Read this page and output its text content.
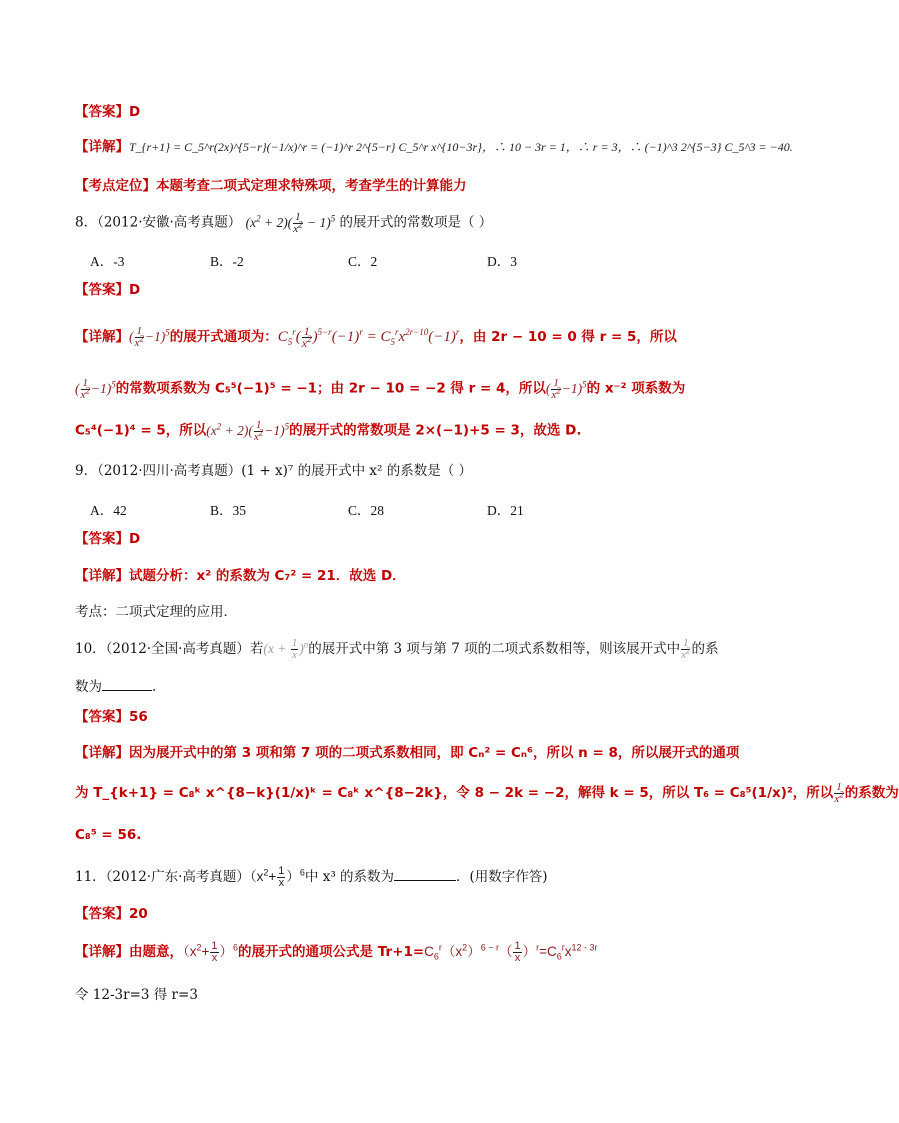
【答案】D
【详解】T_{r+1} = C_5^r(2x)^{5−r}(−1/x)^r = (−1)^r 2^{5−r} C_5^r x^{10−3r}，∴ 10 − 3r = 1，∴ r = 3，∴ (−1)^3 2^{5−3} C_5^3 = −40.
【考点定位】本题考查二项式定理求特殊项，考查学生的计算能力
8．（2012·安徽·高考真题） $(x^2 + 2)( \frac{1}{x^2} - 1)^5$ 的展开式的常数项是（ ）
A．-3	B．-2	C．2	D．3
【答案】D
【详解】( $\frac{1}{x^2} -1)^5$的展开式通项为：$C_5^r( \frac{1}{x^2} )^{5-r}(-1)^r = C_5^rx^{2r-10}(-1)^r$，由 2r − 10 = 0 得 r = 5，所以
( $\frac{1}{x^2} -1)^5$的常数项系数为 C₅⁵(−1)⁵ = −1；由 2r − 10 = −2 得 r = 4，所以( $\frac{1}{x^2} -1)^5$的 x⁻² 项系数为
C₅⁴(−1)⁴ = 5，所以$(x^2 + 2)( \frac{1}{x^2} -1)^5$的展开式的常数项是 2×(−1)+5 = 3，故选 D.
9．（2012·四川·高考真题）(1 + x)⁷ 的展开式中 x² 的系数是（ ）
A．42	B．35	C．28	D．21
【答案】D
【详解】试题分析：x² 的系数为 C₇² = 21．故选 D．
考点：二项式定理的应用．
10．（2012·全国·高考真题）若$(x + \frac{1}{x} )^n$的展开式中第 3 项与第 7 项的二项式系数相等，则该展开式中 $\frac{1}{x^2}$ 的系
数为	.
【答案】56
【详解】因为展开式中的第 3 项和第 7 项的二项式系数相同，即 Cₙ² = Cₙ⁶，所以 n = 8，所以展开式的通项
为 T_{k+1} = C₈ᵏ x^{8−k}(1/x)ᵏ = C₈ᵏ x^{8−2k}，令 8 − 2k = −2，解得 k = 5，所以 T₆ = C₈⁵(1/x)²，所以 $\frac{1}{x^2}$ 的系数为
C₈⁵ = 56.
11．（2012·广东·高考真题）$(x^2+ \frac{1}{x} )^6$中 x³ 的系数为	．(用数字作答)
【答案】20
【详解】由题意，$(x^2+ \frac{1}{x} )^6$的展开式的通项公式是 $Tr+1=C_6^r(x^2)^{6 - r}( \frac{1}{x} )^r=C_6^rx^{12 - 3r}$
令 12-3r=3 得 r=3
